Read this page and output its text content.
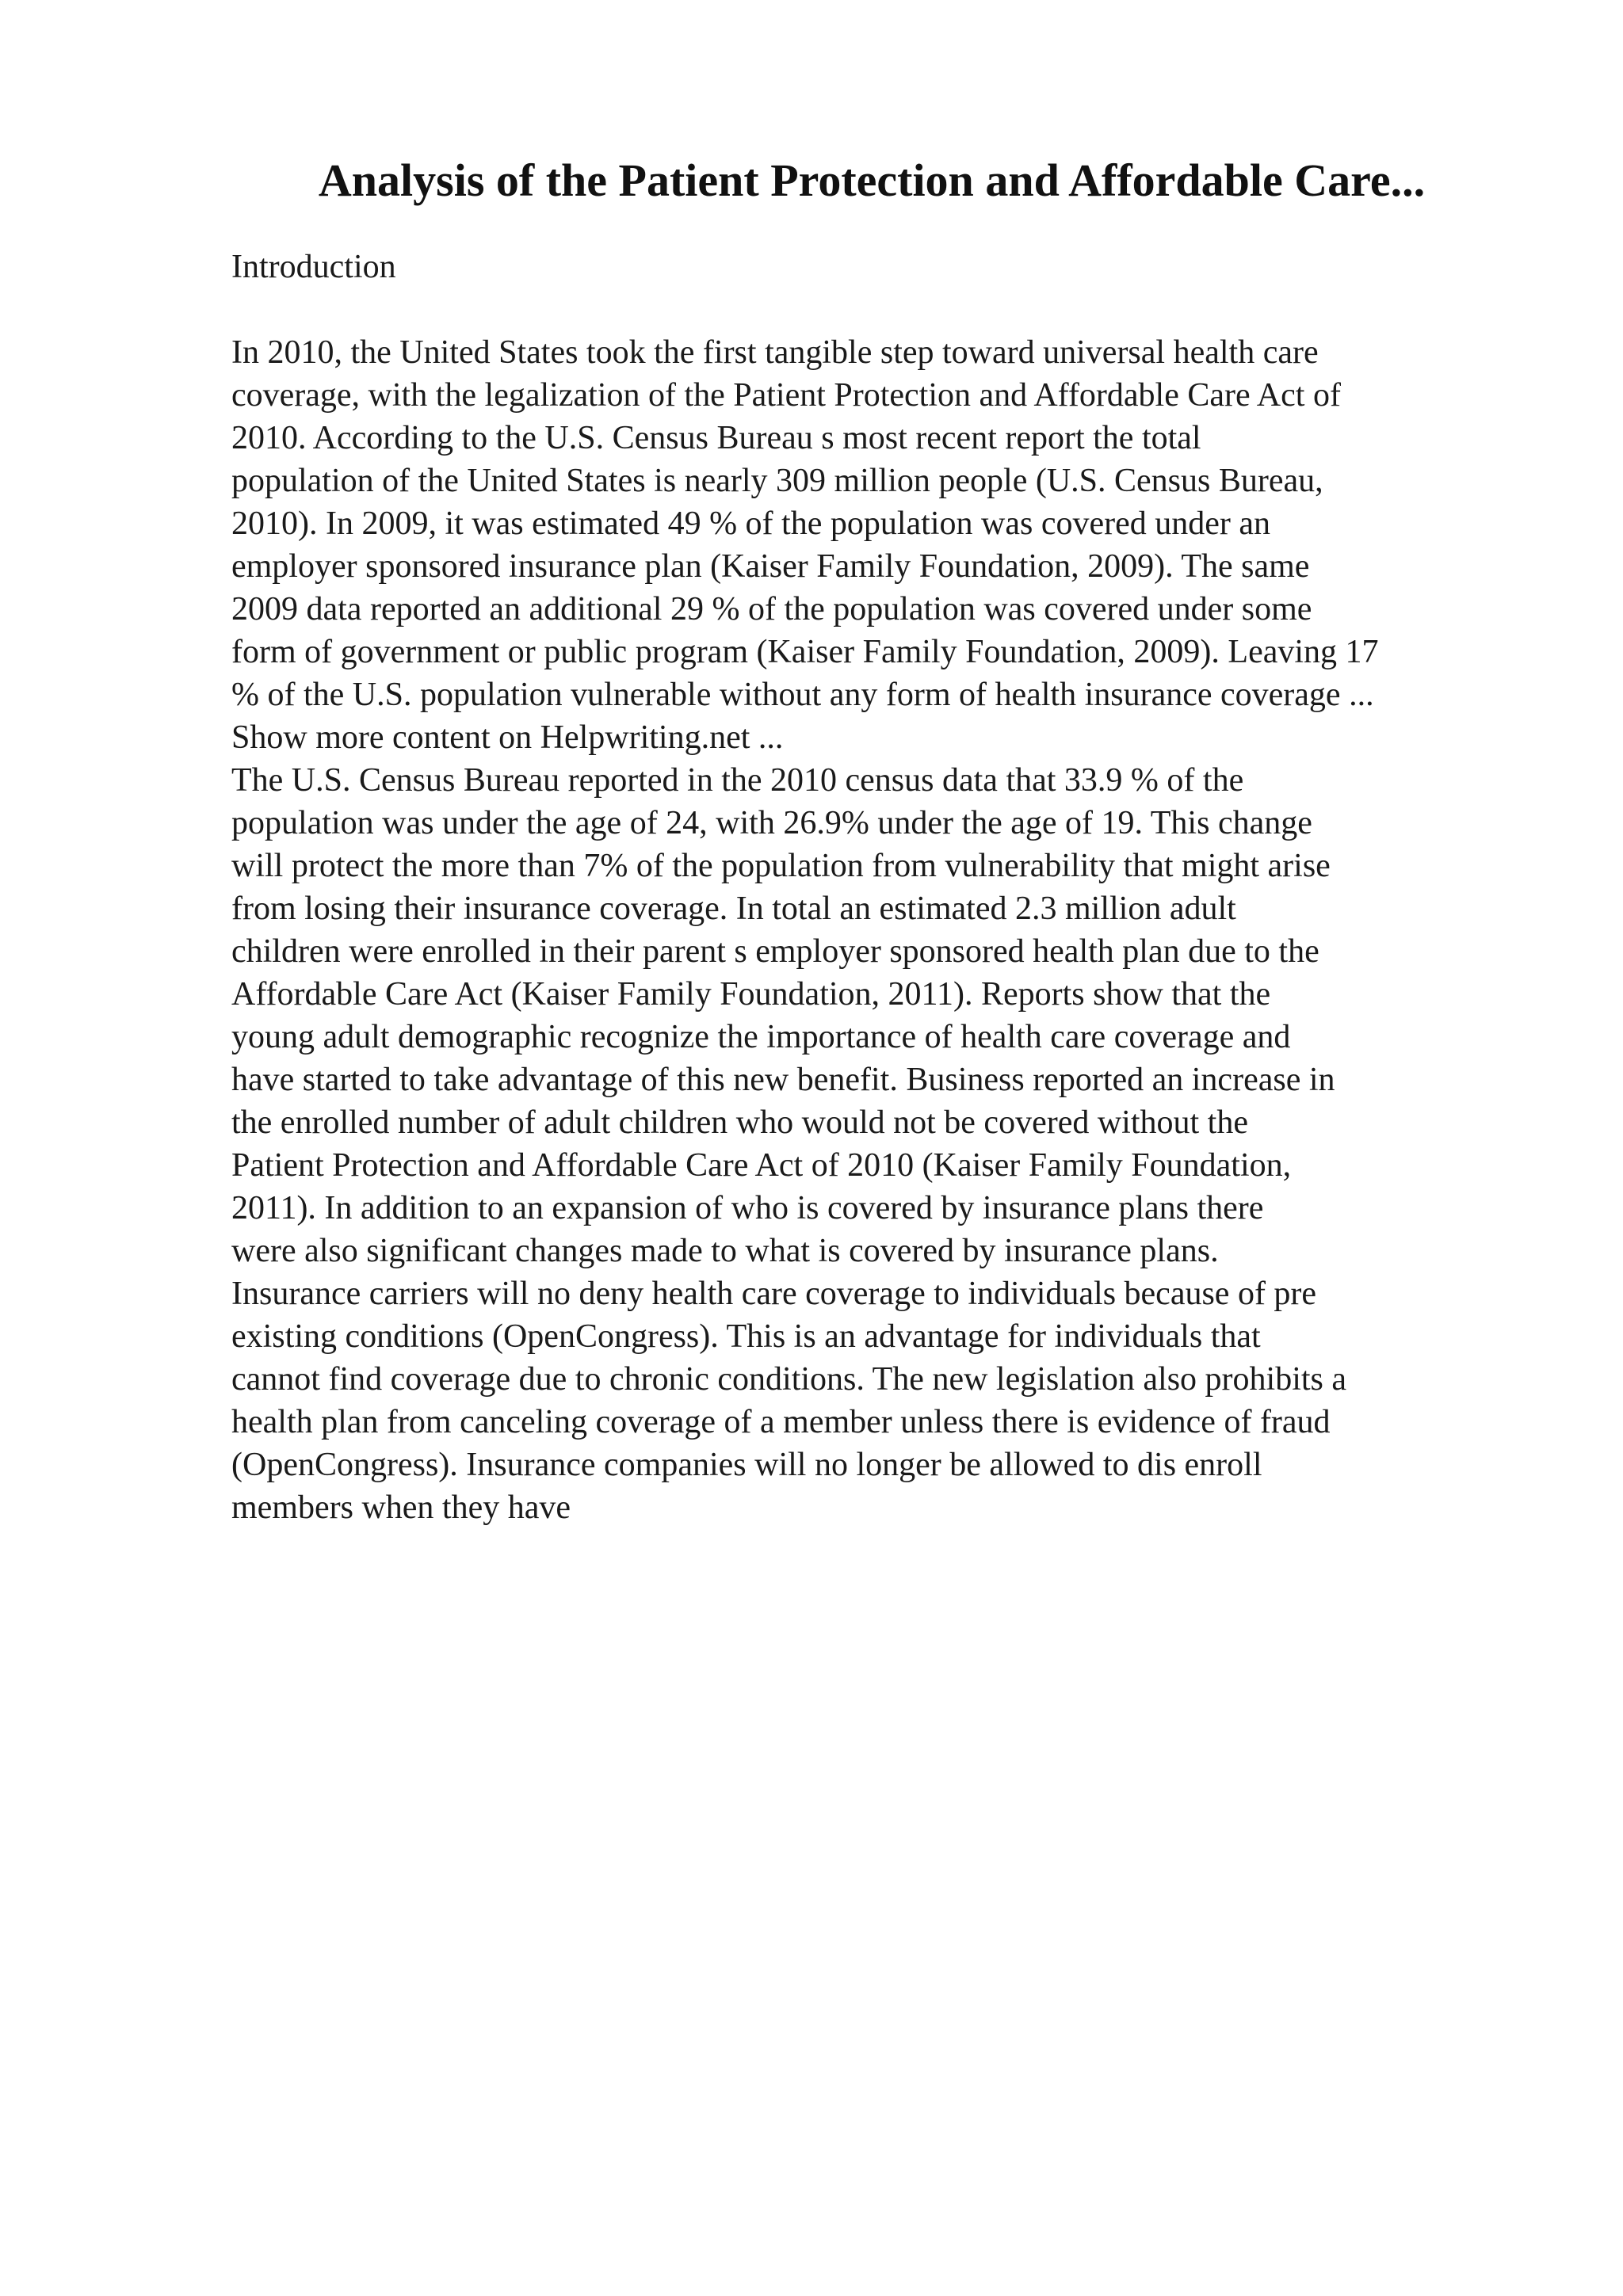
Analysis of the Patient Protection and Affordable Care...
Introduction
In 2010, the United States took the first tangible step toward universal health care
coverage, with the legalization of the Patient Protection and Affordable Care Act of
2010. According to the U.S. Census Bureau s most recent report the total
population of the United States is nearly 309 million people (U.S. Census Bureau,
2010). In 2009, it was estimated 49 % of the population was covered under an
employer sponsored insurance plan (Kaiser Family Foundation, 2009). The same
2009 data reported an additional 29 % of the population was covered under some
form of government or public program (Kaiser Family Foundation, 2009). Leaving 17
% of the U.S. population vulnerable without any form of health insurance coverage ...
Show more content on Helpwriting.net ...
The U.S. Census Bureau reported in the 2010 census data that 33.9 % of the
population was under the age of 24, with 26.9% under the age of 19. This change
will protect the more than 7% of the population from vulnerability that might arise
from losing their insurance coverage. In total an estimated 2.3 million adult
children were enrolled in their parent s employer sponsored health plan due to the
Affordable Care Act (Kaiser Family Foundation, 2011). Reports show that the
young adult demographic recognize the importance of health care coverage and
have started to take advantage of this new benefit. Business reported an increase in
the enrolled number of adult children who would not be covered without the
Patient Protection and Affordable Care Act of 2010 (Kaiser Family Foundation,
2011). In addition to an expansion of who is covered by insurance plans there
were also significant changes made to what is covered by insurance plans.
Insurance carriers will no deny health care coverage to individuals because of pre
existing conditions (OpenCongress). This is an advantage for individuals that
cannot find coverage due to chronic conditions. The new legislation also prohibits a
health plan from canceling coverage of a member unless there is evidence of fraud
(OpenCongress). Insurance companies will no longer be allowed to dis enroll
members when they have
